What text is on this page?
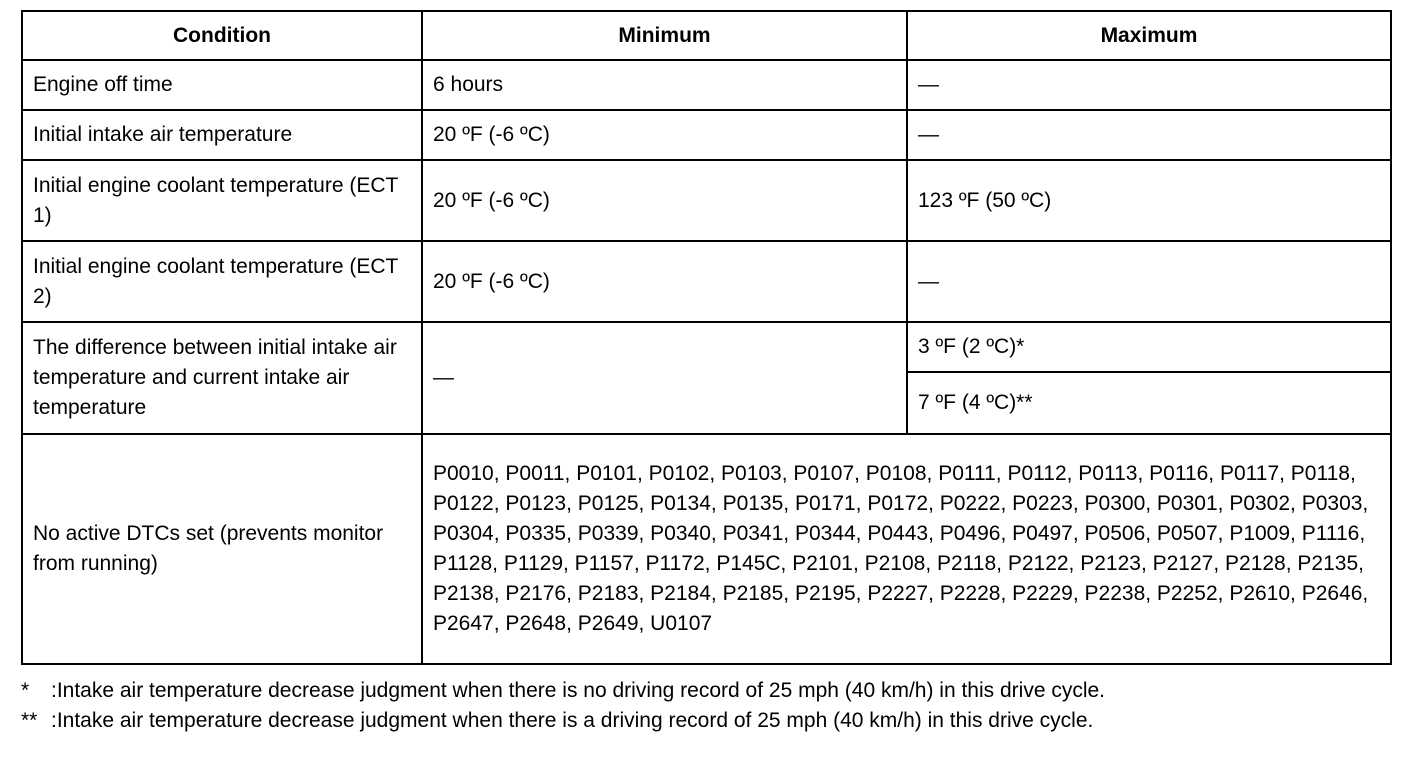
Condition	Minimum	Maximum
Engine off time	6 hours	—
Initial intake air temperature	20 ºF (-6 ºC)	—
Initial engine coolant temperature (ECT 1)	20 ºF (-6 ºC)	123 ºF (50 ºC)
Initial engine coolant temperature (ECT 2)	20 ºF (-6 ºC)	—
The difference between initial intake air temperature and current intake air temperature	—	3 ºF (2 ºC)*
		7 ºF (4 ºC)**
No active DTCs set (prevents monitor from running)	P0010, P0011, P0101, P0102, P0103, P0107, P0108, P0111, P0112, P0113, P0116, P0117, P0118, P0122, P0123, P0125, P0134, P0135, P0171, P0172, P0222, P0223, P0300, P0301, P0302, P0303, P0304, P0335, P0339, P0340, P0341, P0344, P0443, P0496, P0497, P0506, P0507, P1009, P1116, P1128, P1129, P1157, P1172, P145C, P2101, P2108, P2118, P2122, P2123, P2127, P2128, P2135, P2138, P2176, P2183, P2184, P2185, P2195, P2227, P2228, P2229, P2238, P2252, P2610, P2646, P2647, P2648, P2649, U0107	
* :Intake air temperature decrease judgment when there is no driving record of 25 mph (40 km/h) in this drive cycle.
** :Intake air temperature decrease judgment when there is a driving record of 25 mph (40 km/h) in this drive cycle.
